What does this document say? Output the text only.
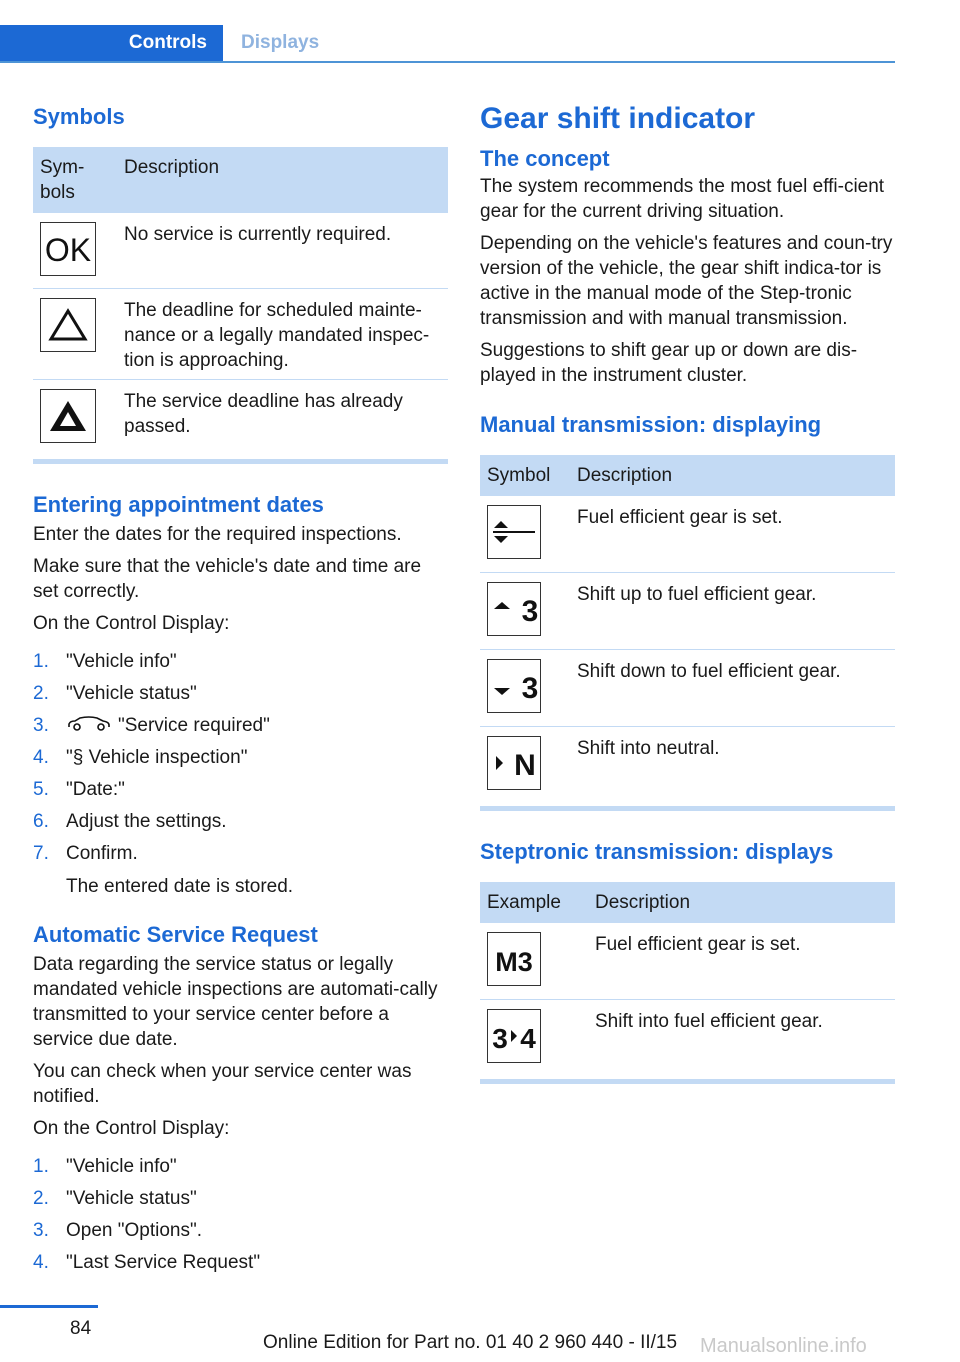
Controls	Displays
Symbols
Sym-
bols	Description

OK	No service is currently required.

	The deadline for scheduled mainte-nance or a legally mandated inspec-tion is approaching.

	The service deadline has already passed.
Entering appointment dates

Enter the dates for the required inspections.

Make sure that the vehicle's date and time are set correctly.

On the Control Display:

1. "Vehicle info"
2. "Vehicle status"
3.	"Service required"
4. "§ Vehicle inspection"
5. "Date:"
6. Adjust the settings.
7. Confirm.
The entered date is stored.
Automatic Service Request

Data regarding the service status or legally mandated vehicle inspections are automati-cally transmitted to your service center before a service due date.

You can check when your service center was notified.

On the Control Display:

1. "Vehicle info"
2. "Vehicle status"
3. Open "Options".
4. "Last Service Request"
Gear shift indicator
The concept

The system recommends the most fuel effi-cient gear for the current driving situation.

Depending on the vehicle's features and coun-try version of the vehicle, the gear shift indica-tor is active in the manual mode of the Step-tronic transmission and with manual transmission.

Suggestions to shift gear up or down are dis-played in the instrument cluster.

Manual transmission: displaying
Symbol	Description

	Fuel efficient gear is set.

3	Shift up to fuel efficient gear.

3	Shift down to fuel efficient gear.

N	Shift into neutral.
Steptronic transmission: displays
Example	Description

M3	Fuel efficient gear is set.

3 4	Shift into fuel efficient gear.
84
Online Edition for Part no. 01 40 2 960 440 - II/15 Manualsonline.info
